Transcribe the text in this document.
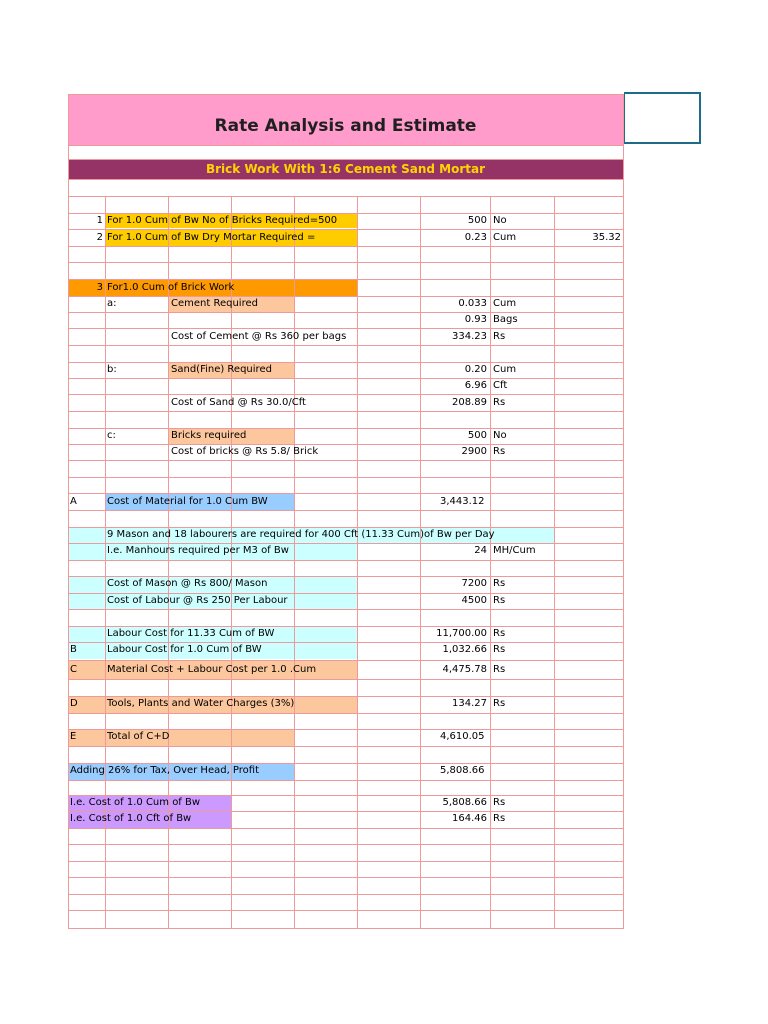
Rate Analysis and Estimate
Brick Work With 1:6 Cement Sand Mortar
1 For 1.0 Cum of Bw No of Bricks Required=500	500 No
2 For 1.0 Cum of Bw Dry Mortar Required =	0.23 Cum	35.32
3 For1.0 Cum of Brick Work
a:	Cement Required	0.033 Cum
0.93 Bags
Cost of Cement @ Rs 360 per bags	334.23 Rs
b:	Sand(Fine) Required	0.20 Cum
6.96 Cft
Cost of Sand @ Rs 30.0/Cft	208.89 Rs
c:	Bricks required	500 No
Cost of bricks @ Rs 5.8/ Brick	2900 Rs
A	Cost of Material for 1.0 Cum BW	3,443.12
9 Mason and 18 labourers are required for 400 Cft (11.33 Cum)of Bw per Day
I.e. Manhours required per M3 of Bw	24 MH/Cum
Cost of Mason @ Rs 800/ Mason	7200 Rs
Cost of Labour @ Rs 250 Per Labour	4500 Rs
Labour Cost for 11.33 Cum of BW	11,700.00 Rs
B	Labour Cost for 1.0 Cum of BW	1,032.66 Rs
C	Material Cost + Labour Cost per 1.0 .Cum	4,475.78 Rs
D	Tools, Plants and Water Charges (3%)	134.27 Rs
E	Total of C+D	4,610.05
Adding 26% for Tax, Over Head, Profit	5,808.66
I.e. Cost of 1.0 Cum of Bw	5,808.66 Rs
I.e. Cost of 1.0 Cft of Bw	164.46 Rs
